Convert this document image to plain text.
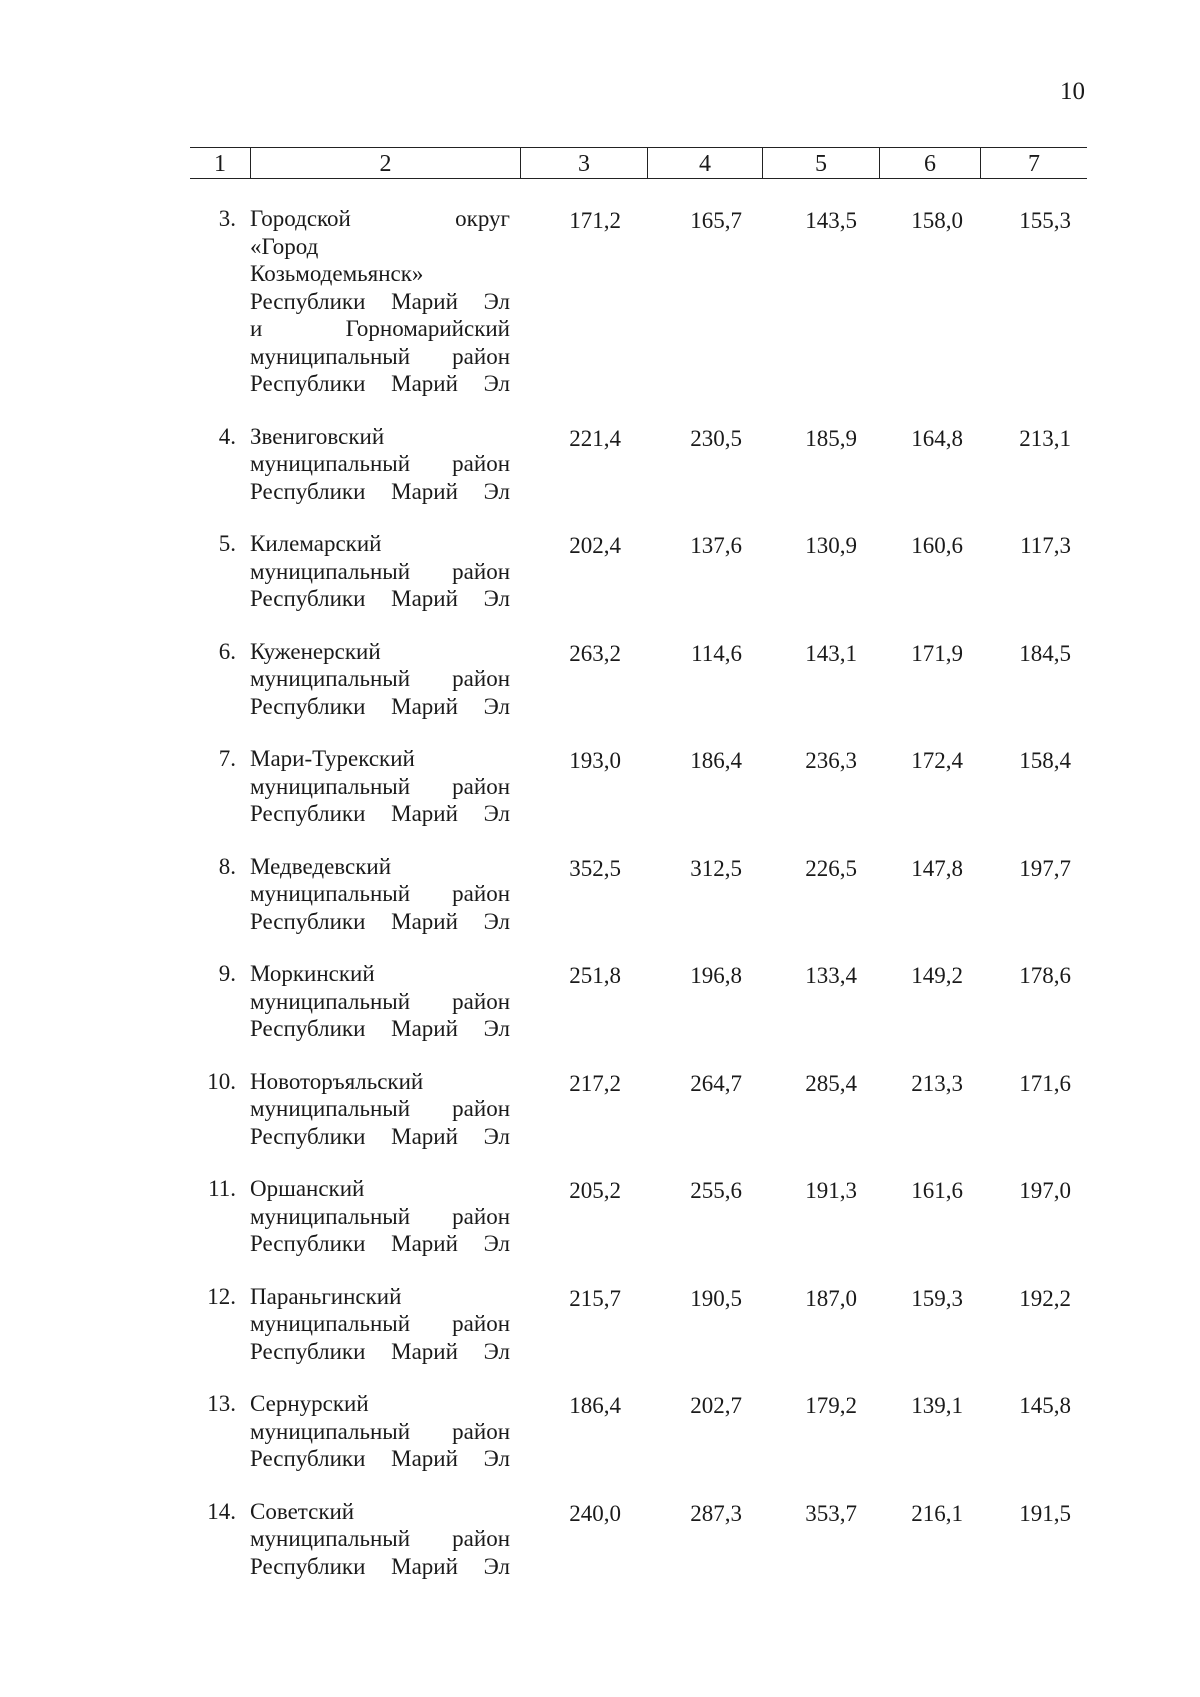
10
1	2	3	4	5	6	7
3. Городской округ
«Город
Козьмодемьянск»
Республики Марий Эл
и Горномарийский
муниципальный район
Республики Марий Эл
171,2	165,7	143,5	158,0	155,3
4. Звениговский
муниципальный район
Республики Марий Эл
221,4	230,5	185,9	164,8	213,1
5. Килемарский
муниципальный район
Республики Марий Эл
202,4	137,6	130,9	160,6	117,3
6. Куженерский
муниципальный район
Республики Марий Эл
263,2	114,6	143,1	171,9	184,5
7. Мари-Турекский
муниципальный район
Республики Марий Эл
193,0	186,4	236,3	172,4	158,4
8. Медведевский
муниципальный район
Республики Марий Эл
352,5	312,5	226,5	147,8	197,7
9. Моркинский
муниципальный район
Республики Марий Эл
251,8	196,8	133,4	149,2	178,6
10. Новоторъяльский
муниципальный район
Республики Марий Эл
217,2	264,7	285,4	213,3	171,6
11. Оршанский
муниципальный район
Республики Марий Эл
205,2	255,6	191,3	161,6	197,0
12. Параньгинский
муниципальный район
Республики Марий Эл
215,7	190,5	187,0	159,3	192,2
13. Сернурский
муниципальный район
Республики Марий Эл
186,4	202,7	179,2	139,1	145,8
14. Советский
муниципальный район
Республики Марий Эл
240,0	287,3	353,7	216,1	191,5
